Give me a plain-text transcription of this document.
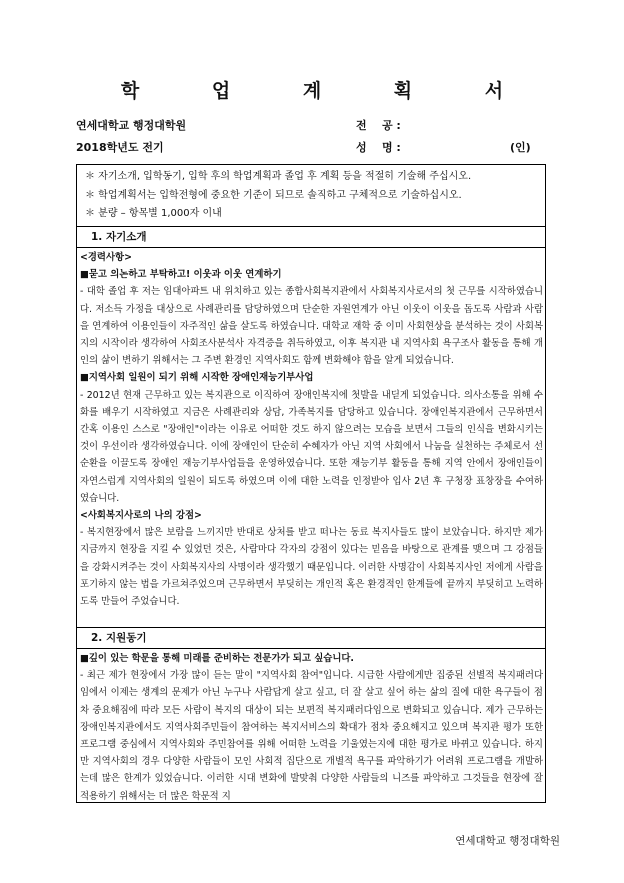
학 업 계 획 서
연세대학교 행정대학원
2018학년도 전기
전    공 :
성    명 :	(인)
＊ 자기소개, 입학동기, 입학 후의 학업계획과 졸업 후 계획 등을 적절히 기술해 주십시오.
＊ 학업계획서는 입학전형에 중요한 기준이 되므로 솔직하고 구체적으로 기술하십시오.
＊ 분량 – 항목별 1,000자 이내

1. 자기소개

<경력사항>
■묻고 의논하고 부탁하고! 이웃과 이웃 연계하기
- 대학 졸업 후 저는 임대아파트 내 위치하고 있는 종합사회복지관에서 사회복지사로서의 첫 근무를 시작하였습니다. 저소득 가정을 대상으로 사례관리를 담당하였으며 단순한 자원연계가 아닌 이웃이 이웃을 돕도록 사람과 사람을 연계하여 이용인들이 자주적인 삶을 살도록 하였습니다. 대학교 재학 중 이미 사회현상을 분석하는 것이 사회복지의 시작이라 생각하여 사회조사분석사 자격증을 취득하였고, 이후 복지관 내 지역사회 욕구조사 활동을 통해 개인의 삶이 변하기 위해서는 그 주변 환경인 지역사회도 함께 변화해야 함을 알게 되었습니다.
■지역사회 일원이 되기 위해 시작한 장애인재능기부사업
- 2012년 현재 근무하고 있는 복지관으로 이직하여 장애인복지에 첫발을 내딛게 되었습니다. 의사소통을 위해 수화를 배우기 시작하였고 지금은 사례관리와 상담, 가족복지를 담당하고 있습니다. 장애인복지관에서 근무하면서 간혹 이용인 스스로 "장애인"이라는 이유로 어떠한 것도 하지 않으려는 모습을 보면서 그들의 인식을 변화시키는 것이 우선이라 생각하였습니다. 이에 장애인이 단순히 수혜자가 아닌 지역 사회에서 나눔을 실천하는 주체로서 선순환을 이끌도록 장애인 재능기부사업들을 운영하였습니다. 또한 재능기부 활동을 통해 지역 안에서 장애인들이 자연스럽게 지역사회의 일원이 되도록 하였으며 이에 대한 노력을 인정받아 입사 2년 후 구청장 표창장을 수여하였습니다.
<사회복지사로의 나의 강점>
- 복지현장에서 많은 보람을 느끼지만 반대로 상처를 받고 떠나는 동료 복지사들도 많이 보았습니다. 하지만 제가 지금까지 현장을 지킬 수 있었던 것은, 사람마다 각자의 강점이 있다는 믿음을 바탕으로 관계를 맺으며 그 강점들을 강화시켜주는 것이 사회복지사의 사명이라 생각했기 때문입니다. 이러한 사명감이 사회복지사인 저에게 사람을 포기하지 않는 법을 가르쳐주었으며 근무하면서 부딪히는 개인적 혹은 환경적인 한계들에 끝까지 부딪히고 노력하도록 만들어 주었습니다.

2. 지원동기

■깊이 있는 학문을 통해 미래를 준비하는 전문가가 되고 싶습니다.
- 최근 제가 현장에서 가장 많이 듣는 말이 "지역사회 참여"입니다. 시급한 사람에게만 집중된 선별적 복지패러다임에서 이제는 생계의 문제가 아닌 누구나 사람답게 살고 싶고, 더 잘 살고 싶어 하는 삶의 질에 대한 욕구들이 점차 중요해짐에 따라 모든 사람이 복지의 대상이 되는 보편적 복지패러다임으로 변화되고 있습니다. 제가 근무하는 장애인복지관에서도 지역사회주민들이 참여하는 복지서비스의 확대가 점차 중요해지고 있으며 복지관 평가 또한 프로그램 중심에서 지역사회와 주민참여를 위해 어떠한 노력을 기울였는지에 대한 평가로 바뀌고 있습니다. 하지만 지역사회의 경우 다양한 사람들이 모인 사회적 집단으로 개별적 욕구를 파악하기가 어려워 프로그램을 개발하는데 많은 한계가 있었습니다. 이러한 시대 변화에 발맞춰 다양한 사람들의 니즈를 파악하고 그것들을 현장에 잘 적용하기 위해서는 더 많은 학문적 지
연세대학교 행정대학원
